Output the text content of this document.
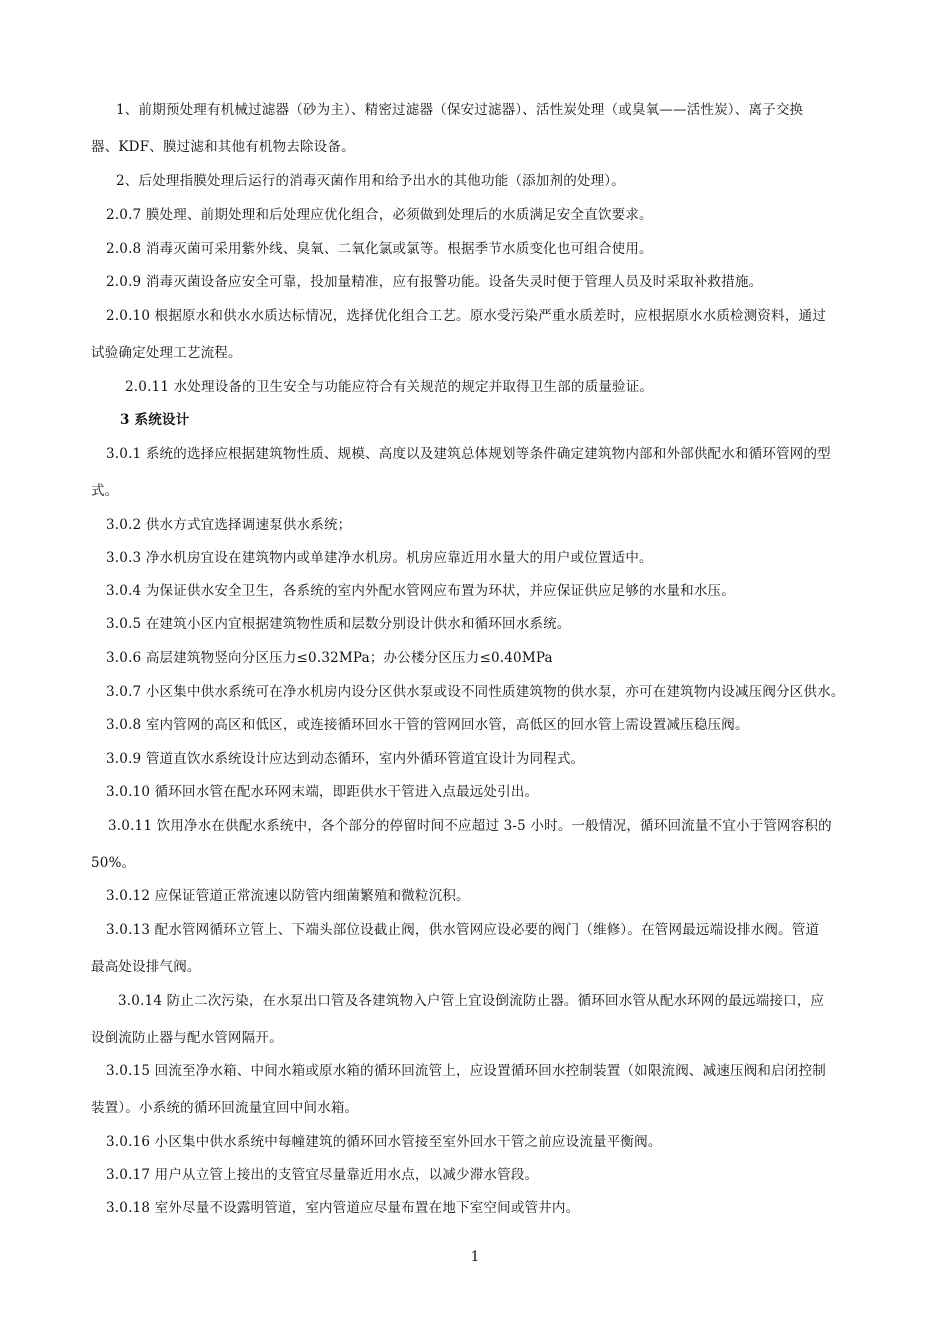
1、前期预处理有机械过滤器（砂为主）、精密过滤器（保安过滤器）、活性炭处理（或臭氧——活性炭）、离子交换
器、KDF、膜过滤和其他有机物去除设备。
2、后处理指膜处理后运行的消毒灭菌作用和给予出水的其他功能（添加剂的处理）。
2.0.7 膜处理、前期处理和后处理应优化组合，必须做到处理后的水质满足安全直饮要求。
2.0.8 消毒灭菌可采用紫外线、臭氧、二氧化氯或氯等。根据季节水质变化也可组合使用。
2.0.9 消毒灭菌设备应安全可靠，投加量精准，应有报警功能。设备失灵时便于管理人员及时采取补救措施。
2.0.10 根据原水和供水水质达标情况，选择优化组合工艺。原水受污染严重水质差时，应根据原水水质检测资料，通过
试验确定处理工艺流程。
2.0.11 水处理设备的卫生安全与功能应符合有关规范的规定并取得卫生部的质量验证。
3 系统设计
3.0.1 系统的选择应根据建筑物性质、规模、高度以及建筑总体规划等条件确定建筑物内部和外部供配水和循环管网的型
式。
3.0.2 供水方式宜选择调速泵供水系统；
3.0.3 净水机房宜设在建筑物内或单建净水机房。机房应靠近用水量大的用户或位置适中。
3.0.4 为保证供水安全卫生，各系统的室内外配水管网应布置为环状，并应保证供应足够的水量和水压。
3.0.5 在建筑小区内宜根据建筑物性质和层数分别设计供水和循环回水系统。
3.0.6 高层建筑物竖向分区压力≤0.32MPa；办公楼分区压力≤0.40MPa
3.0.7 小区集中供水系统可在净水机房内设分区供水泵或设不同性质建筑物的供水泵，亦可在建筑物内设减压阀分区供水。
3.0.8 室内管网的高区和低区，或连接循环回水干管的管网回水管，高低区的回水管上需设置减压稳压阀。
3.0.9 管道直饮水系统设计应达到动态循环，室内外循环管道宜设计为同程式。
3.0.10 循环回水管在配水环网末端，即距供水干管进入点最远处引出。
3.0.11 饮用净水在供配水系统中，各个部分的停留时间不应超过 3-5 小时。一般情况，循环回流量不宜小于管网容积的
50%。
3.0.12 应保证管道正常流速以防管内细菌繁殖和微粒沉积。
3.0.13 配水管网循环立管上、下端头部位设截止阀，供水管网应设必要的阀门（维修）。在管网最远端设排水阀。管道
最高处设排气阀。
3.0.14 防止二次污染，在水泵出口管及各建筑物入户管上宜设倒流防止器。循环回水管从配水环网的最远端接口，应
设倒流防止器与配水管网隔开。
3.0.15 回流至净水箱、中间水箱或原水箱的循环回流管上，应设置循环回水控制装置（如限流阀、减速压阀和启闭控制
装置）。小系统的循环回流量宜回中间水箱。
3.0.16 小区集中供水系统中每幢建筑的循环回水管接至室外回水干管之前应设流量平衡阀。
3.0.17 用户从立管上接出的支管宜尽量靠近用水点，以减少滞水管段。
3.0.18 室外尽量不设露明管道，室内管道应尽量布置在地下室空间或管井内。
1
